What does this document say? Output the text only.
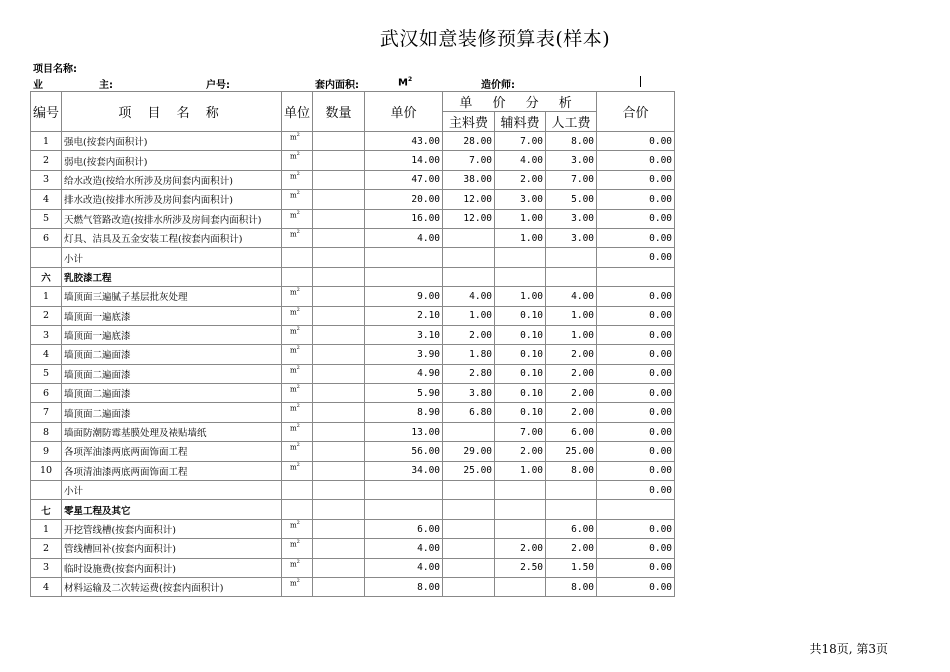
武汉如意装修预算表(样本)
项目名称:
业	主:	户号:	套内面积:	$M^2$
造价师:
编号	项 目 名 称	单位	数量	单价	单 价 分 析			合价
					主料费	辅料费	人工费	
1	强电(按套内面积计)	$m^2$		43.00	28.00	7.00	8.00	0.00
2	弱电(按套内面积计)	$m^2$		14.00	7.00	4.00	3.00	0.00
3	给水改造(按给水所涉及房间套内面积计)	$m^2$		47.00	38.00	2.00	7.00	0.00
4	排水改造(按排水所涉及房间套内面积计)	$m^2$		20.00	12.00	3.00	5.00	0.00
5	天燃气管路改造(按排水所涉及房间套内面积计)	$m^2$		16.00	12.00	1.00	3.00	0.00
6	灯具、洁具及五金安装工程(按套内面积计)	$m^2$		4.00		1.00	3.00	0.00
	小计							0.00
六	乳胶漆工程							
1	墙顶面三遍腻子基层批灰处理	$m^2$		9.00	4.00	1.00	4.00	0.00
2	墙顶面一遍底漆	$m^2$		2.10	1.00	0.10	1.00	0.00
3	墙顶面一遍底漆	$m^2$		3.10	2.00	0.10	1.00	0.00
4	墙顶面二遍面漆	$m^2$		3.90	1.80	0.10	2.00	0.00
5	墙顶面二遍面漆	$m^2$		4.90	2.80	0.10	2.00	0.00
6	墙顶面二遍面漆	$m^2$		5.90	3.80	0.10	2.00	0.00
7	墙顶面二遍面漆	$m^2$		8.90	6.80	0.10	2.00	0.00
8	墙面防潮防霉基膜处理及裱贴墙纸	$m^2$		13.00		7.00	6.00	0.00
9	各项浑油漆两底两面饰面工程	$m^2$		56.00	29.00	2.00	25.00	0.00
10	各项清油漆两底两面饰面工程	$m^2$		34.00	25.00	1.00	8.00	0.00
	小计							0.00
七	零星工程及其它							
1	开挖管线槽(按套内面积计)	$m^2$		6.00			6.00	0.00
2	管线槽回补(按套内面积计)	$m^2$		4.00		2.00	2.00	0.00
3	临时设施费(按套内面积计)	$m^2$		4.00		2.50	1.50	0.00
4	材料运输及二次转运费(按套内面积计)	$m^2$		8.00			8.00	0.00
共18页, 第3页
